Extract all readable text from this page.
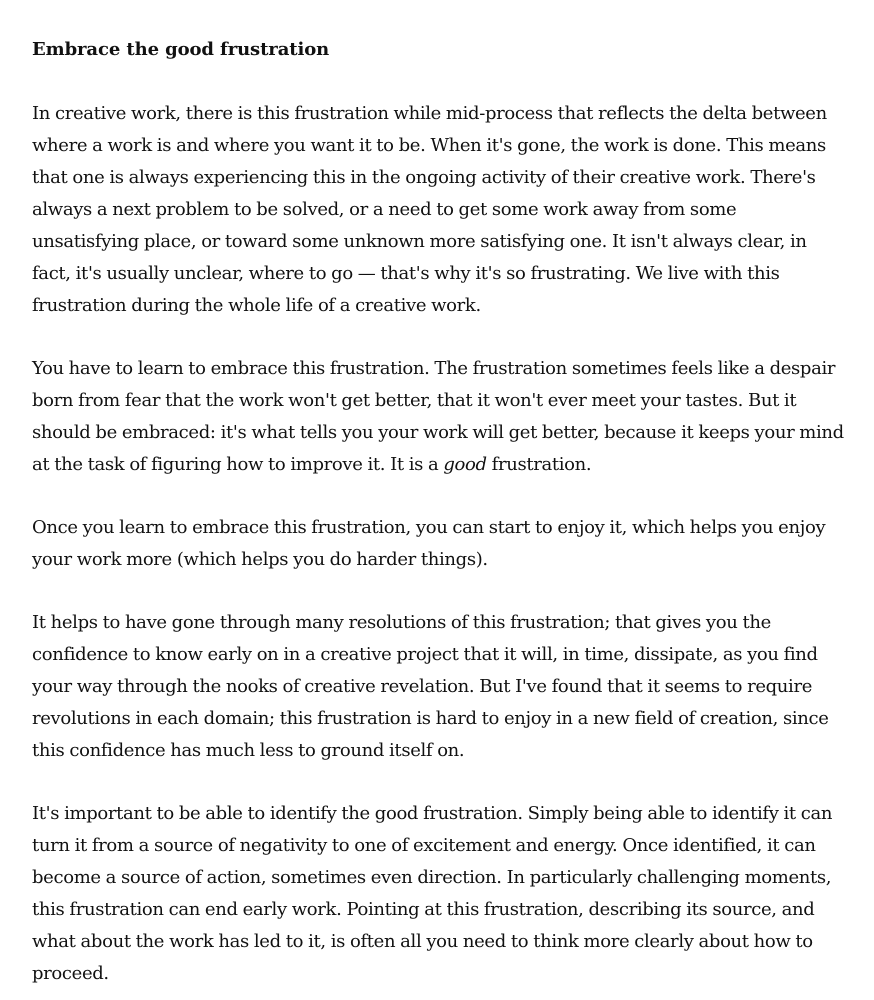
Embrace the good frustration

In creative work, there is this frustration while mid-process that reflects the delta between where a work is and where you want it to be. When it's gone, the work is done. This means that one is always experiencing this in the ongoing activity of their creative work. There's always a next problem to be solved, or a need to get some work away from some unsatisfying place, or toward some unknown more satisfying one. It isn't always clear, in fact, it's usually unclear, where to go — that's why it's so frustrating. We live with this frustration during the whole life of a creative work.

You have to learn to embrace this frustration. The frustration sometimes feels like a despair born from fear that the work won't get better, that it won't ever meet your tastes. But it should be embraced: it's what tells you your work will get better, because it keeps your mind at the task of figuring how to improve it. It is a good frustration.

Once you learn to embrace this frustration, you can start to enjoy it, which helps you enjoy your work more (which helps you do harder things).

It helps to have gone through many resolutions of this frustration; that gives you the confidence to know early on in a creative project that it will, in time, dissipate, as you find your way through the nooks of creative revelation. But I've found that it seems to require revolutions in each domain; this frustration is hard to enjoy in a new field of creation, since this confidence has much less to ground itself on.

It's important to be able to identify the good frustration. Simply being able to identify it can turn it from a source of negativity to one of excitement and energy. Once identified, it can become a source of action, sometimes even direction. In particularly challenging moments, this frustration can end early work. Pointing at this frustration, describing its source, and what about the work has led to it, is often all you need to think more clearly about how to proceed.
